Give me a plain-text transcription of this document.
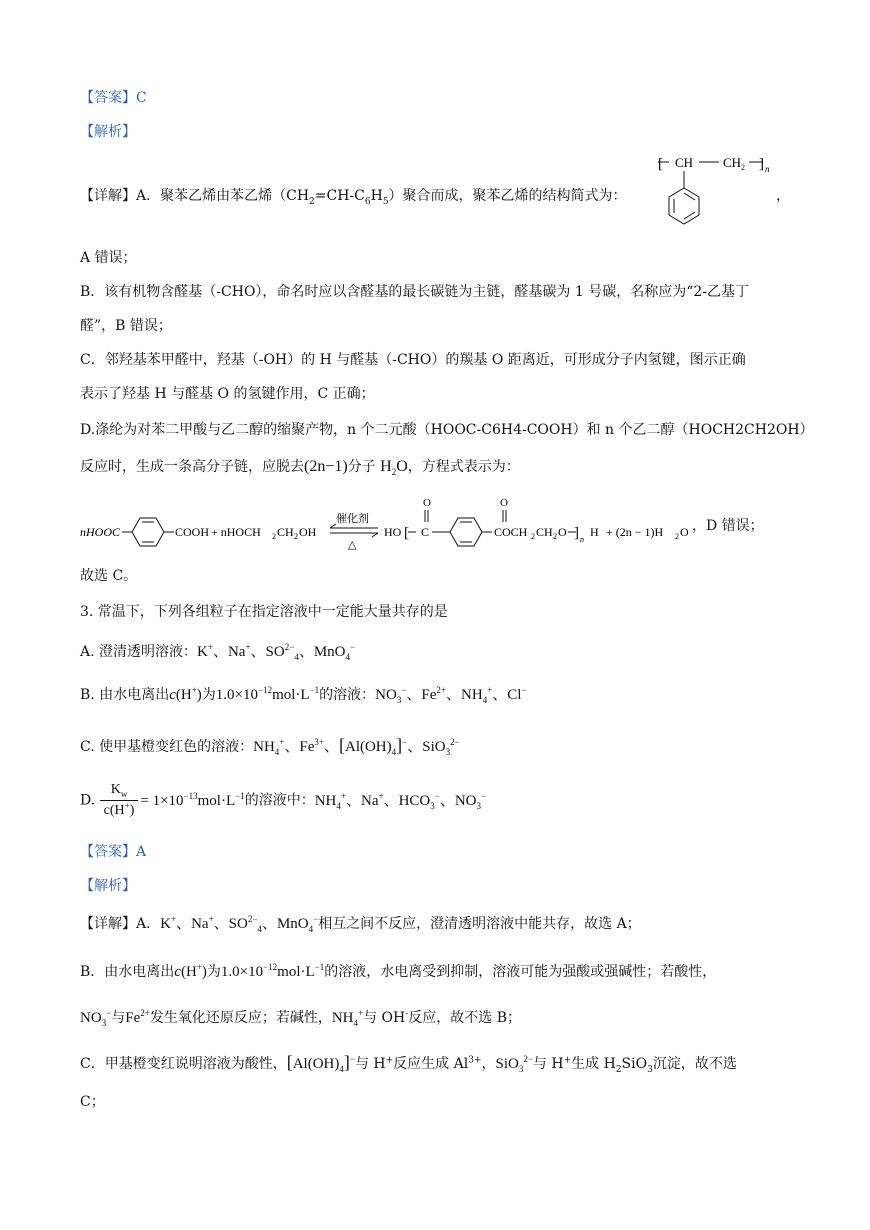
【答案】C
【解析】
【详解】A．聚苯乙烯由苯乙烯$(CH_2=CH-C_6H_5)$聚合而成，聚苯乙烯的结构简式为：
[ CH CH 2 ] n
，
A 错误；
B．该有机物含醛基（-CHO），命名时应以含醛基的最长碳链为主链，醛基碳为 1 号碳，名称应为“2-乙基丁
醛”，B 错误；
C．邻羟基苯甲醛中，羟基（-OH）的 H 与醛基（-CHO）的羰基 O 距离近，可形成分子内氢键，图示正确
表示了羟基 H 与醛基 O 的氢键作用，C 正确；
D.涤纶为对苯二甲酸与乙二醇的缩聚产物，n 个二元酸（HOOC-C6H4-COOH）和 n 个乙二醇（HOCH2CH2OH）
反应时，生成一条高分子链，应脱去(2n−1)分子 $H_2O$，方程式表示为：
nHOOC	COOH + nHOCH 2 CH 2 OH
催化剂
△
HO [
O
C
O
COCH 2 CH 2 O ] n
H + (2n − 1)H 2 O ，D 错误；
故选 C。
3. 常温下，下列各组粒子在指定溶液中一定能大量共存的是
A. 澄清透明溶液：K+、Na+、$SO^{2-}_4$、MnO$_4$−
B. 由水电离出c(H+)为$1.0\times 10^{-12}mol\cdot L^{-1}$的溶液：$NO_3^-$、$Fe^{2+}$、$NH_4^+$、Cl−
C. 使甲基橙变红色的溶液：$NH_4^+$、$Fe^{3+}$、$[Al(OH)_4]^-$、SiO$_3^{2-}$
D. $\frac{K_w}{c(H^+)} = 1\times 10^{-13}mol\cdot L^{-1}$的溶液中：$NH_4^+$、Na+、$HCO_3^-$、$NO_3^-$
【答案】A
【解析】
【详解】A．K+、Na+、$SO^{2-}_4$、MnO$_4$−相互之间不反应，澄清透明溶液中能共存，故选 A；
B．由水电离出c(H+)为$1.0\times 10^{-12}mol\cdot L^{-1}$的溶液，水电离受到抑制，溶液可能为强酸或强碱性；若酸性，
$NO_3^-$与$Fe^{2+}$发生氧化还原反应；若碱性，$NH_4^+$与 OH-反应，故不选 B；
C．甲基橙变红说明溶液为酸性，$[Al(OH)_4]^-$与 H+反应生成 $Al^{3+}$，SiO$_3^{2-}$与 H+生成 $H_2SiO_3$沉淀，故不选
C；
